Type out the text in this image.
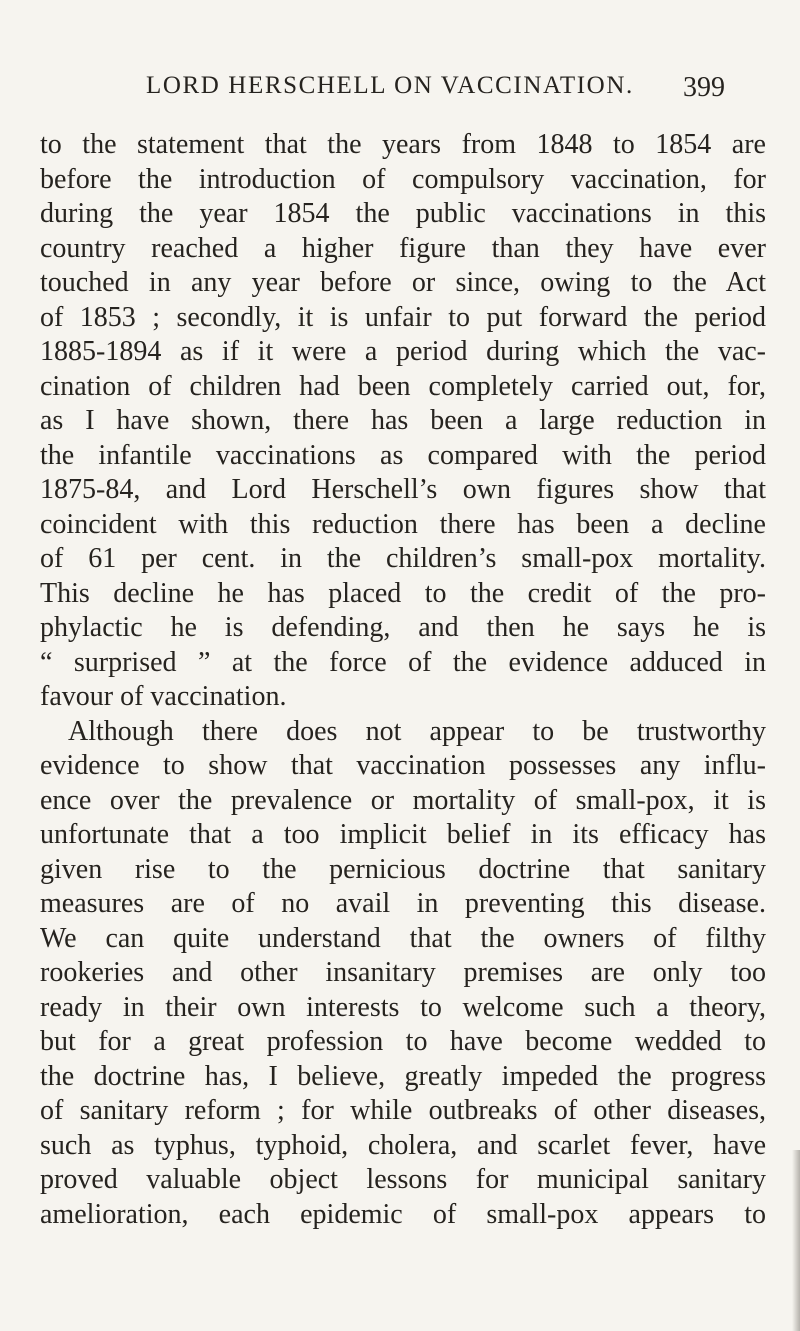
LORD HERSCHELL ON VACCINATION. 399
to the statement that the years from 1848 to 1854 are
before the introduction of compulsory vaccination, for
during the year 1854 the public vaccinations in this
country reached a higher figure than they have ever
touched in any year before or since, owing to the Act
of 1853 ; secondly, it is unfair to put forward the period
1885-1894 as if it were a period during which the vac-
cination of children had been completely carried out, for,
as I have shown, there has been a large reduction in
the infantile vaccinations as compared with the period
1875-84, and Lord Herschell’s own figures show that
coincident with this reduction there has been a decline
of 61 per cent. in the children’s small-pox mortality.
This decline he has placed to the credit of the pro-
phylactic he is defending, and then he says he is
“ surprised ” at the force of the evidence adduced in
favour of vaccination.
Although there does not appear to be trustworthy
evidence to show that vaccination possesses any influ-
ence over the prevalence or mortality of small-pox, it is
unfortunate that a too implicit belief in its efficacy has
given rise to the pernicious doctrine that sanitary
measures are of no avail in preventing this disease.
We can quite understand that the owners of filthy
rookeries and other insanitary premises are only too
ready in their own interests to welcome such a theory,
but for a great profession to have become wedded to
the doctrine has, I believe, greatly impeded the progress
of sanitary reform ; for while outbreaks of other diseases,
such as typhus, typhoid, cholera, and scarlet fever, have
proved valuable object lessons for municipal sanitary
amelioration, each epidemic of small-pox appears to
